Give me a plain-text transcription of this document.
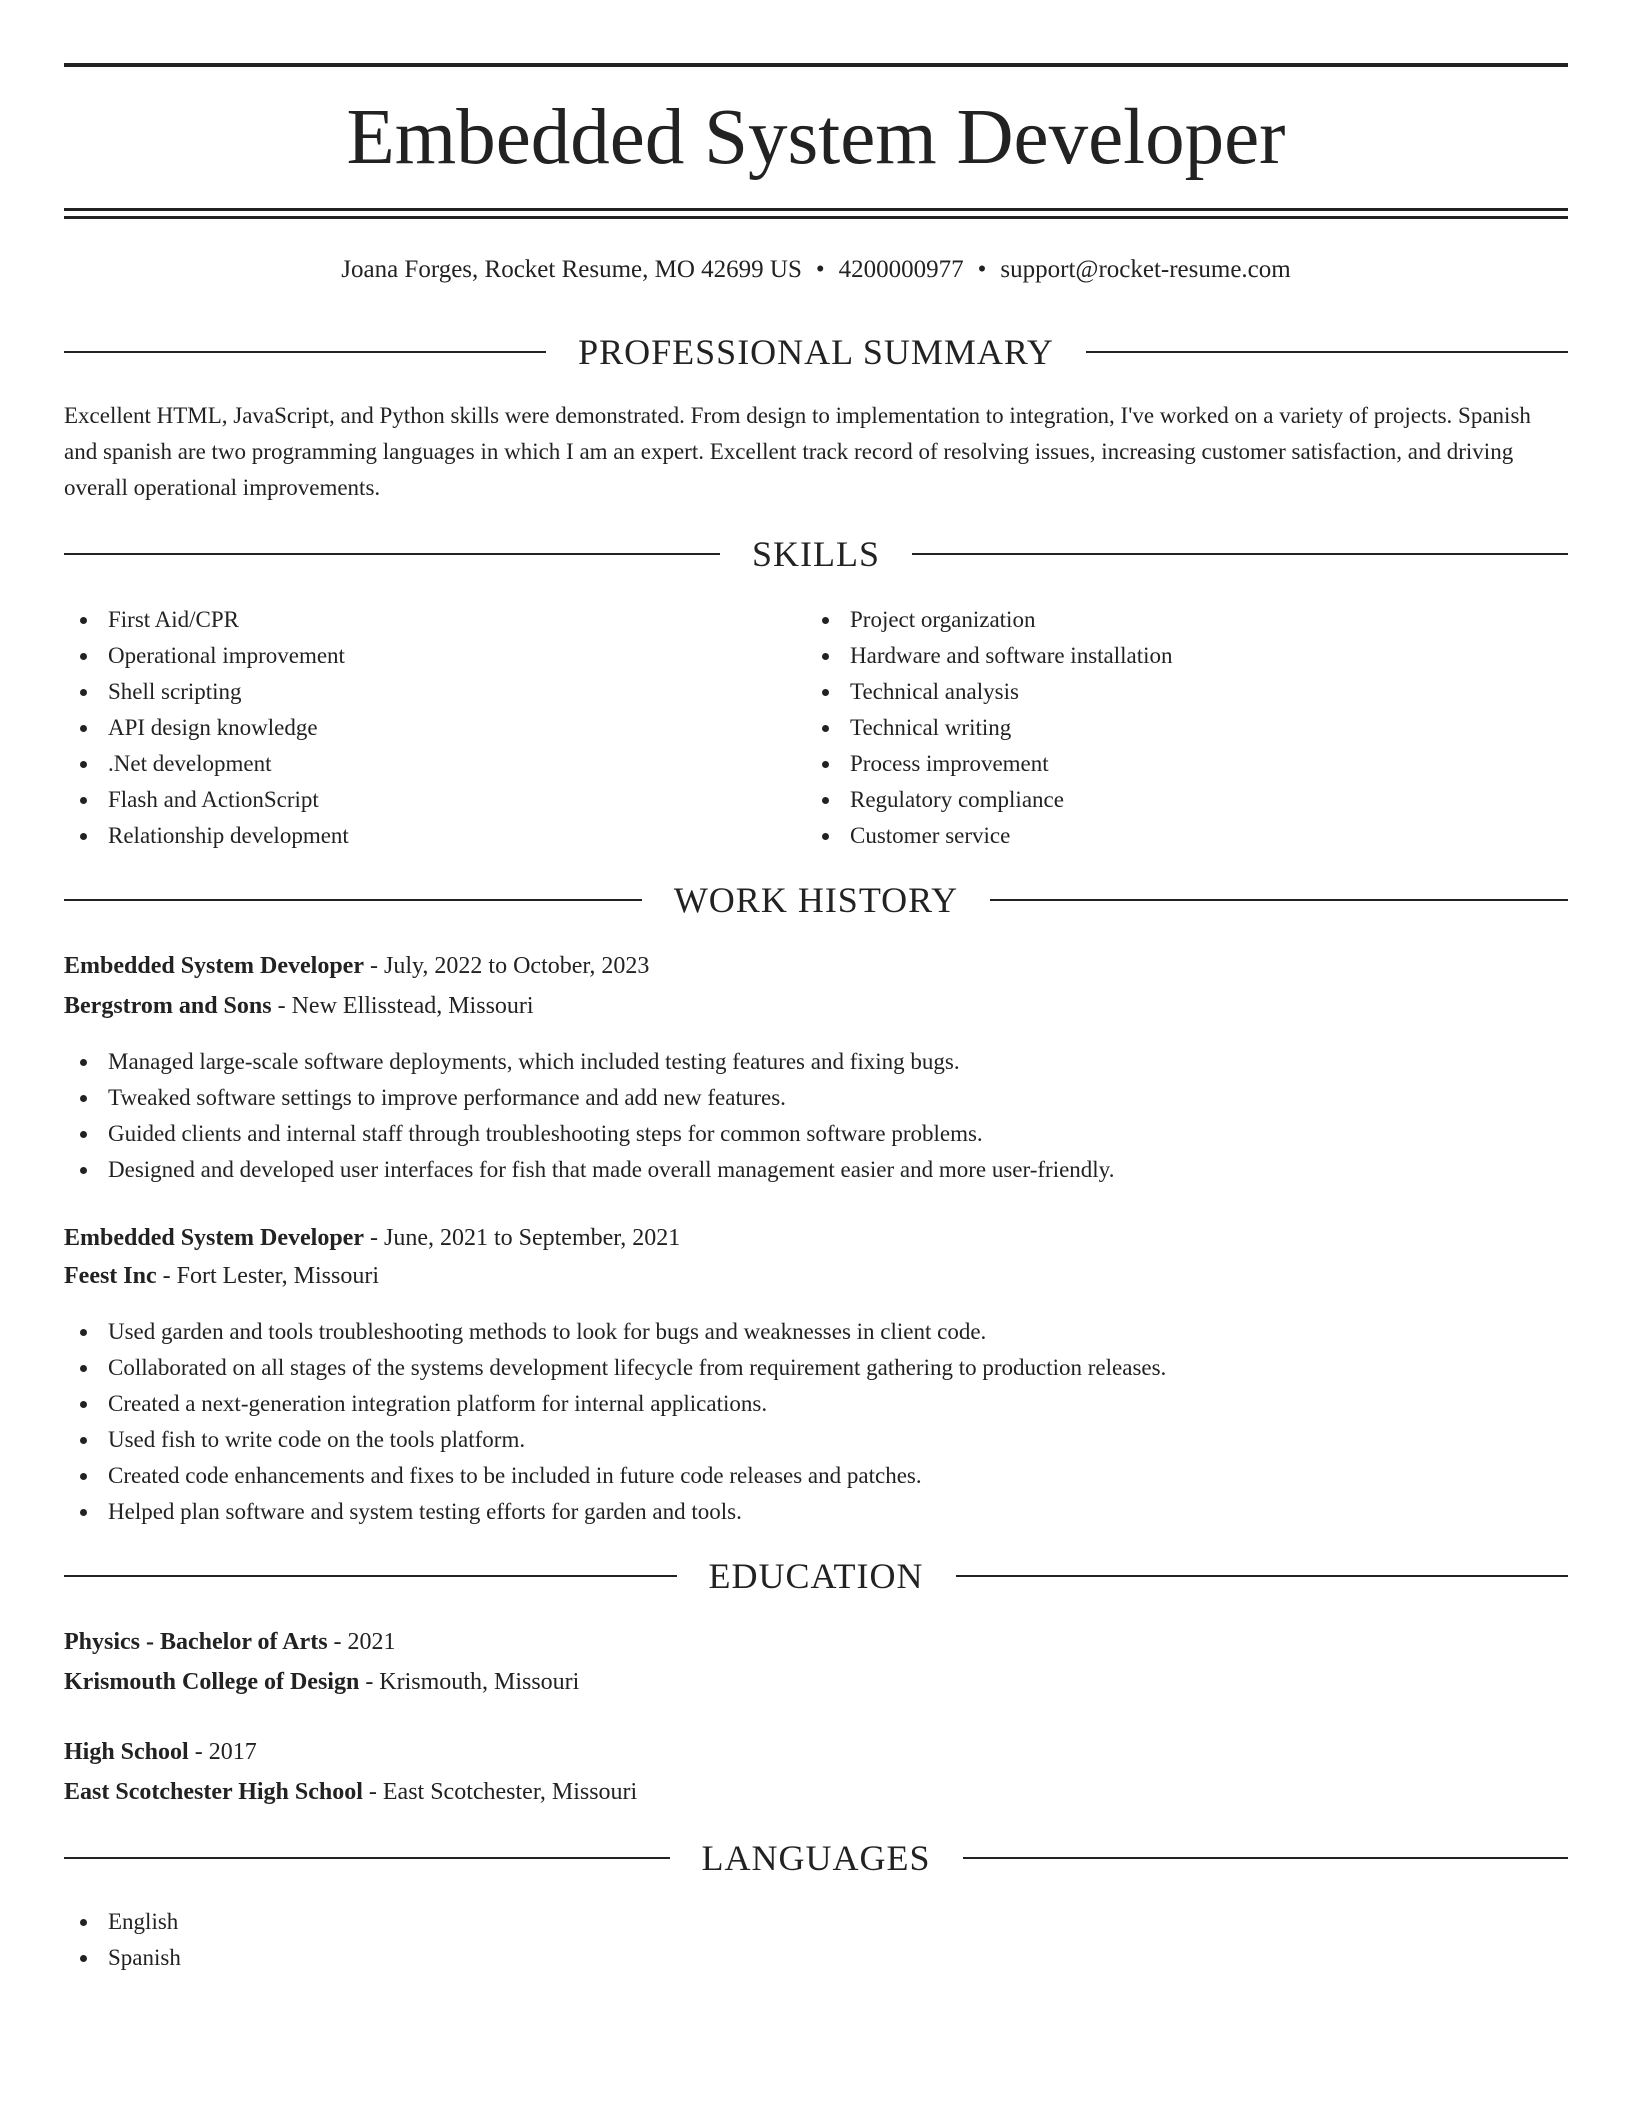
Embedded System Developer
Joana Forges, Rocket Resume, MO 42699 US • 4200000977 • support@rocket-resume.com
PROFESSIONAL SUMMARY

Excellent HTML, JavaScript, and Python skills were demonstrated. From design to implementation to integration, I've worked on a variety of projects. Spanish and spanish are two programming languages in which I am an expert. Excellent track record of resolving issues, increasing customer satisfaction, and driving overall operational improvements.

SKILLS
First Aid/CPR
Operational improvement
Shell scripting
API design knowledge
.Net development
Flash and ActionScript
Relationship development
Project organization
Hardware and software installation
Technical analysis
Technical writing
Process improvement
Regulatory compliance
Customer service
WORK HISTORY
Embedded System Developer - July, 2022 to October, 2023
Bergstrom and Sons - New Ellisstead, Missouri
Managed large-scale software deployments, which included testing features and fixing bugs.
Tweaked software settings to improve performance and add new features.
Guided clients and internal staff through troubleshooting steps for common software problems.
Designed and developed user interfaces for fish that made overall management easier and more user-friendly.
Embedded System Developer - June, 2021 to September, 2021
Feest Inc - Fort Lester, Missouri
Used garden and tools troubleshooting methods to look for bugs and weaknesses in client code.
Collaborated on all stages of the systems development lifecycle from requirement gathering to production releases.
Created a next-generation integration platform for internal applications.
Used fish to write code on the tools platform.
Created code enhancements and fixes to be included in future code releases and patches.
Helped plan software and system testing efforts for garden and tools.
EDUCATION
Physics - Bachelor of Arts - 2021
Krismouth College of Design - Krismouth, Missouri
High School - 2017
East Scotchester High School - East Scotchester, Missouri
LANGUAGES
English
Spanish
